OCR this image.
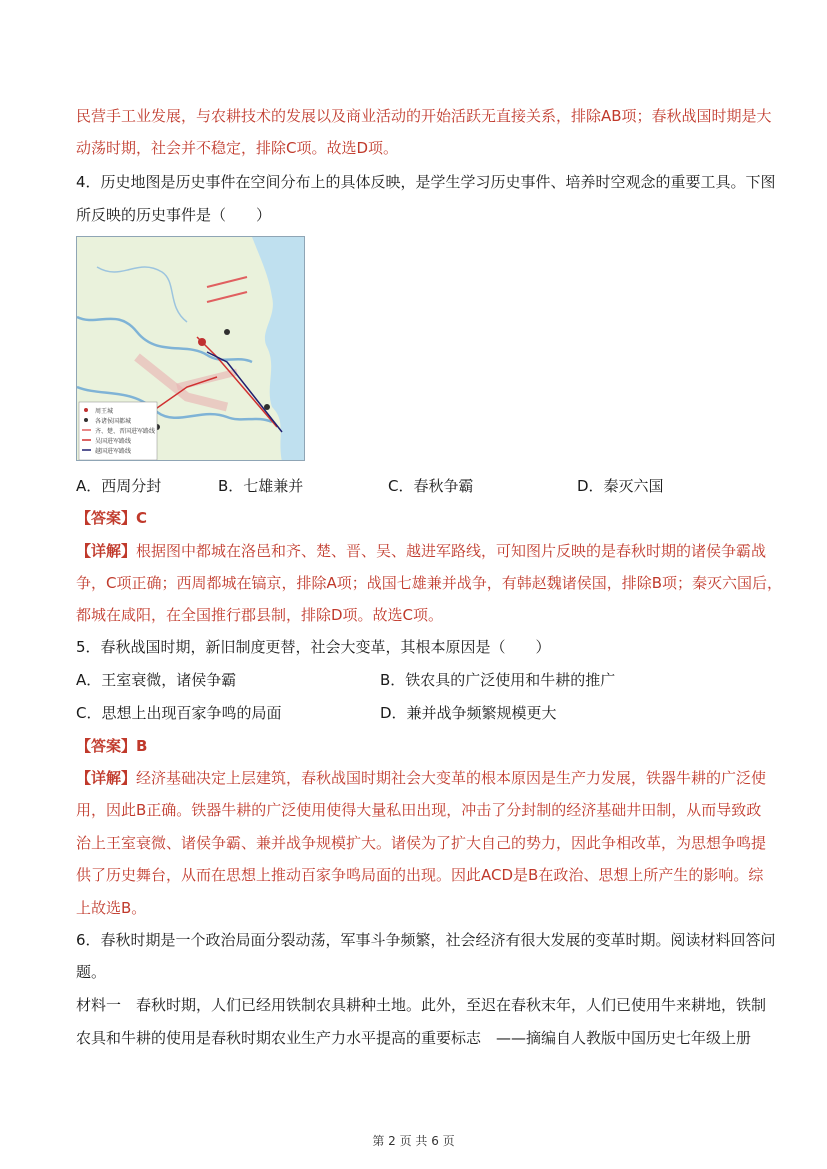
民营手工业发展，与农耕技术的发展以及商业活动的开始活跃无直接关系，排除AB项；春秋战国时期是大
动荡时期，社会并不稳定，排除C项。故选D项。
4．历史地图是历史事件在空间分布上的具体反映，是学生学习历史事件、培养时空观念的重要工具。下图
所反映的历史事件是（　　）
周王城
各诸侯国都城
齐、楚、晋国进军路线
吴国进军路线
越国进军路线
A．西周分封	B．七雄兼并	C．春秋争霸	D．秦灭六国
【答案】C
【详解】根据图中都城在洛邑和齐、楚、晋、吴、越进军路线，可知图片反映的是春秋时期的诸侯争霸战
争，C项正确；西周都城在镐京，排除A项；战国七雄兼并战争，有韩赵魏诸侯国，排除B项；秦灭六国后，
都城在咸阳，在全国推行郡县制，排除D项。故选C项。
5．春秋战国时期，新旧制度更替，社会大变革，其根本原因是（　　）
A．王室衰微，诸侯争霸	B．铁农具的广泛使用和牛耕的推广
C．思想上出现百家争鸣的局面	D．兼并战争频繁规模更大
【答案】B
【详解】经济基础决定上层建筑，春秋战国时期社会大变革的根本原因是生产力发展，铁器牛耕的广泛使
用，因此B正确。铁器牛耕的广泛使用使得大量私田出现，冲击了分封制的经济基础井田制，从而导致政
治上王室衰微、诸侯争霸、兼并战争规模扩大。诸侯为了扩大自己的势力，因此争相改革，为思想争鸣提
供了历史舞台，从而在思想上推动百家争鸣局面的出现。因此ACD是B在政治、思想上所产生的影响。综
上故选B。
6．春秋时期是一个政治局面分裂动荡，军事斗争频繁，社会经济有很大发展的变革时期。阅读材料回答问
题。
材料一　春秋时期，人们已经用铁制农具耕种土地。此外，至迟在春秋末年，人们已使用牛来耕地，铁制
农具和牛耕的使用是春秋时期农业生产力水平提高的重要标志　——摘编自人教版中国历史七年级上册
第 2 页 共 6 页
